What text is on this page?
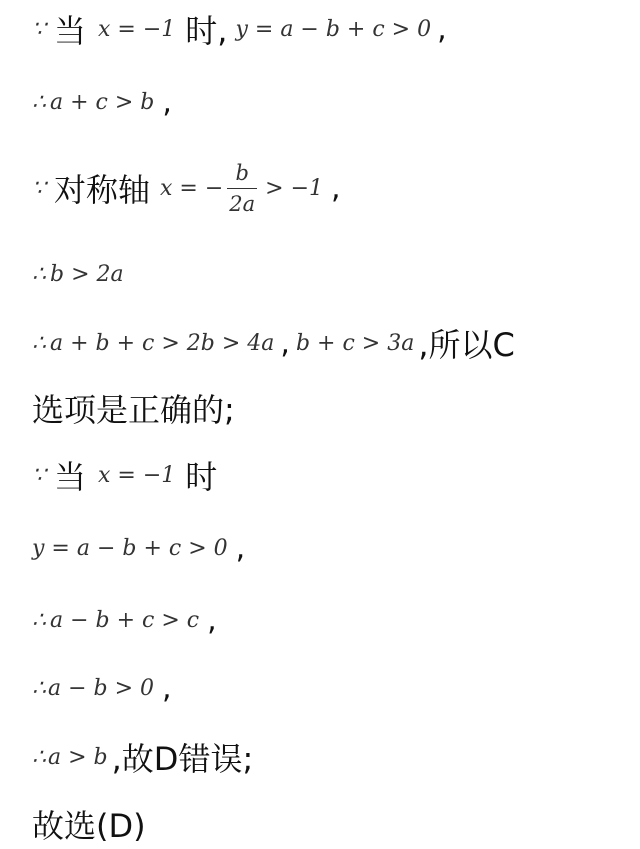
∵ 当 x = −1 时, y = a − b + c > 0 ,
∴ a + c > b ,
∵ 对称轴 x = − $\frac{b}{2a} > -1$ ,
∴ b > 2a
∴ a + b + c > 2b > 4a , b + c > 3a ,所以C
选项是正确的;
∵ 当 x = −1 时
y = a − b + c > 0 ,
∴ a − b + c > c ,
∴ a − b > 0 ,
∴ a > b ,故D错误;
故选(D)
